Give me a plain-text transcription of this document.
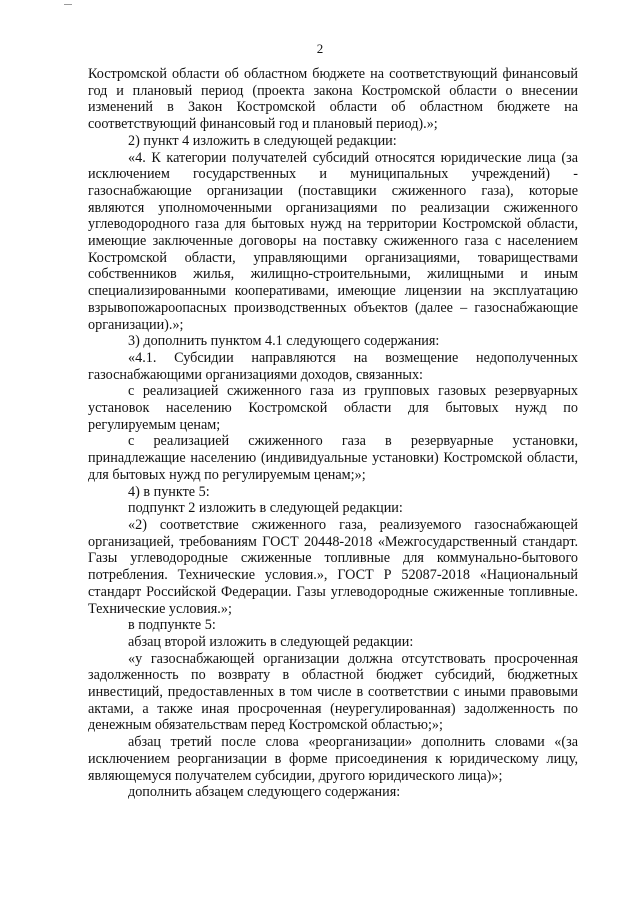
2

Костромской области об областном бюджете на соответствующий финансовый год и плановый период (проекта закона Костромской области о внесении изменений в Закон Костромской области об областном бюджете на соответствующий финансовый год и плановый период).»;

2) пункт 4 изложить в следующей редакции:

«4. К категории получателей субсидий относятся юридические лица (за исключением государственных и муниципальных учреждений) - газоснабжающие организации (поставщики сжиженного газа), которые являются уполномоченными организациями по реализации сжиженного углеводородного газа для бытовых нужд на территории Костромской области, имеющие заключенные договоры на поставку сжиженного газа с населением Костромской области, управляющими организациями, товариществами собственников жилья, жилищно-строительными, жилищными и иным специализированными кооперативами, имеющие лицензии на эксплуатацию взрывопожароопасных производственных объектов (далее – газоснабжающие организации).»;

3) дополнить пунктом 4.1 следующего содержания:

«4.1. Субсидии направляются на возмещение недополученных газоснабжающими организациями доходов, связанных:

с реализацией сжиженного газа из групповых газовых резервуарных установок населению Костромской области для бытовых нужд по регулируемым ценам;

с реализацией сжиженного газа в резервуарные установки, принадлежащие населению (индивидуальные установки) Костромской области, для бытовых нужд по регулируемым ценам;»;

4) в пункте 5:

подпункт 2 изложить в следующей редакции:

«2) соответствие сжиженного газа, реализуемого газоснабжающей организацией, требованиям ГОСТ 20448-2018 «Межгосударственный стандарт. Газы углеводородные сжиженные топливные для коммунально-бытового потребления. Технические условия.», ГОСТ Р 52087-2018 «Национальный стандарт Российской Федерации. Газы углеводородные сжиженные топливные. Технические условия.»;

в подпункте 5:

абзац второй изложить в следующей редакции:

«у газоснабжающей организации должна отсутствовать просроченная задолженность по возврату в областной бюджет субсидий, бюджетных инвестиций, предоставленных в том числе в соответствии с иными правовыми актами, а также иная просроченная (неурегулированная) задолженность по денежным обязательствам перед Костромской областью;»;

абзац третий после слова «реорганизации» дополнить словами «(за исключением реорганизации в форме присоединения к юридическому лицу, являющемуся получателем субсидии, другого юридического лица)»;

дополнить абзацем следующего содержания:
